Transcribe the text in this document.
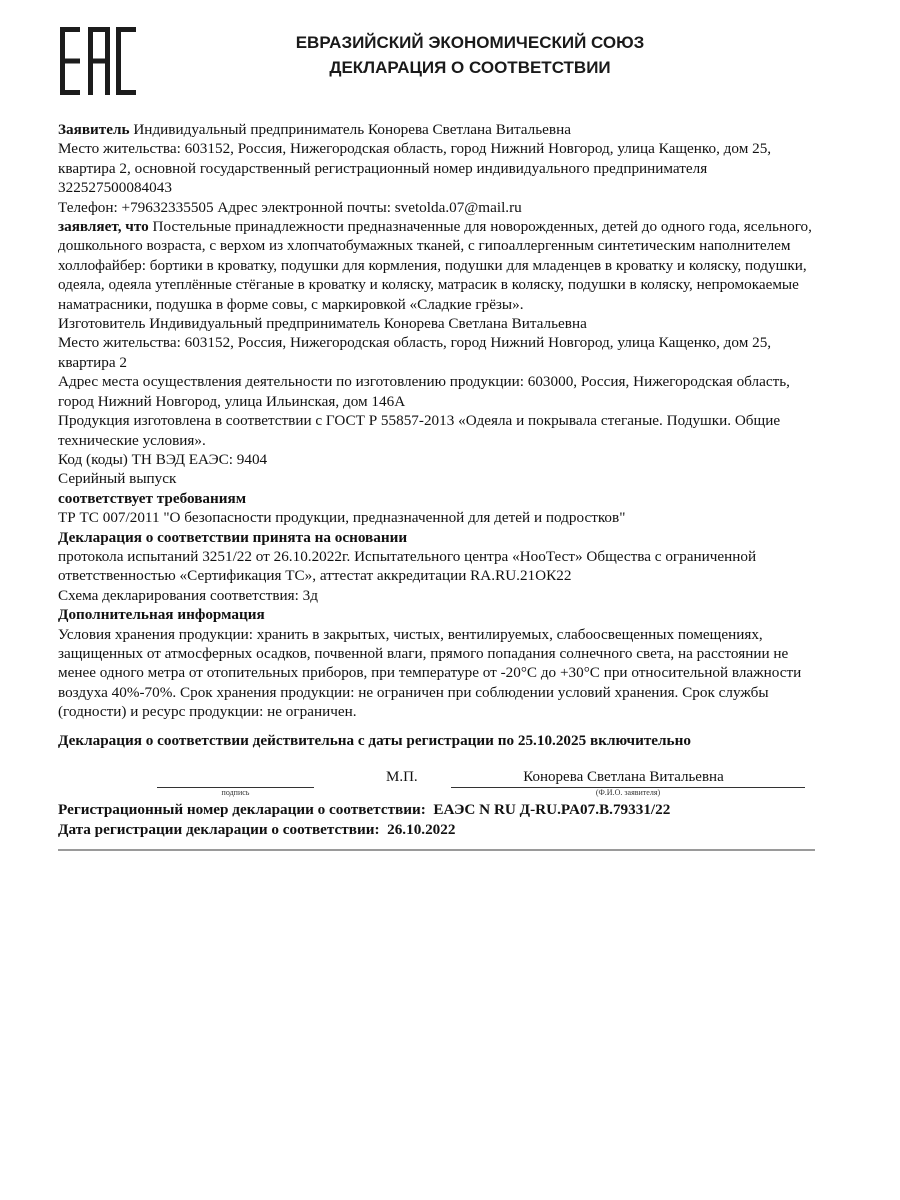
ЕВРАЗИЙСКИЙ ЭКОНОМИЧЕСКИЙ СОЮЗ
ДЕКЛАРАЦИЯ О СООТВЕТСТВИИ

Заявитель Индивидуальный предприниматель Конорева Светлана Витальевна

Место жительства: 603152, Россия, Нижегородская область, город Нижний Новгород, улица Кащенко, дом 25, квартира 2, основной государственный регистрационный номер индивидуального предпринимателя 322527500084043

Телефон: +79632335505 Адрес электронной почты: svetolda.07@mail.ru

заявляет, что Постельные принадлежности предназначенные для новорожденных, детей до одного года, ясельного, дошкольного возраста, с верхом из хлопчатобумажных тканей, с гипоаллергенным синтетическим наполнителем холлофайбер: бортики в кроватку, подушки для кормления, подушки для младенцев в кроватку и коляску, подушки, одеяла, одеяла утеплённые стёганые в кроватку и коляску, матрасик в коляску, подушки в коляску, непромокаемые наматрасники, подушка в форме совы, с маркировкой «Сладкие грёзы».

Изготовитель Индивидуальный предприниматель Конорева Светлана Витальевна

Место жительства: 603152, Россия, Нижегородская область, город Нижний Новгород, улица Кащенко, дом 25, квартира 2

Адрес места осуществления деятельности по изготовлению продукции: 603000, Россия, Нижегородская область, город Нижний Новгород, улица Ильинская, дом 146А

Продукция изготовлена в соответствии с ГОСТ Р 55857-2013 «Одеяла и покрывала стеганые. Подушки. Общие технические условия».

Код (коды) ТН ВЭД ЕАЭС: 9404

Серийный выпуск

соответствует требованиям

ТР ТС 007/2011 "О безопасности продукции, предназначенной для детей и подростков"

Декларация о соответствии принята на основании

протокола испытаний 3251/22 от 26.10.2022г. Испытательного центра «НооТест» Общества с ограниченной ответственностью «Сертификация ТС», аттестат аккредитации RA.RU.21ОК22

Схема декларирования соответствия: 3д

Дополнительная информация

Условия хранения продукции: хранить в закрытых, чистых, вентилируемых, слабоосвещенных помещениях, защищенных от атмосферных осадков, почвенной влаги, прямого попадания солнечного света, на расстоянии не менее одного метра от отопительных приборов, при температуре от -20°С до +30°С при относительной влажности воздуха 40%-70%. Срок хранения продукции: не ограничен при соблюдении условий хранения. Срок службы (годности) и ресурс продукции: не ограничен.

Декларация о соответствии действительна с даты регистрации по 25.10.2025 включительно
М.П.	Конорева Светлана Витальевна
подпись	(Ф.И.О. заявителя)
Регистрационный номер декларации о соответствии: ЕАЭС N RU Д-RU.PA07.B.79331/22
Дата регистрации декларации о соответствии: 26.10.2022
